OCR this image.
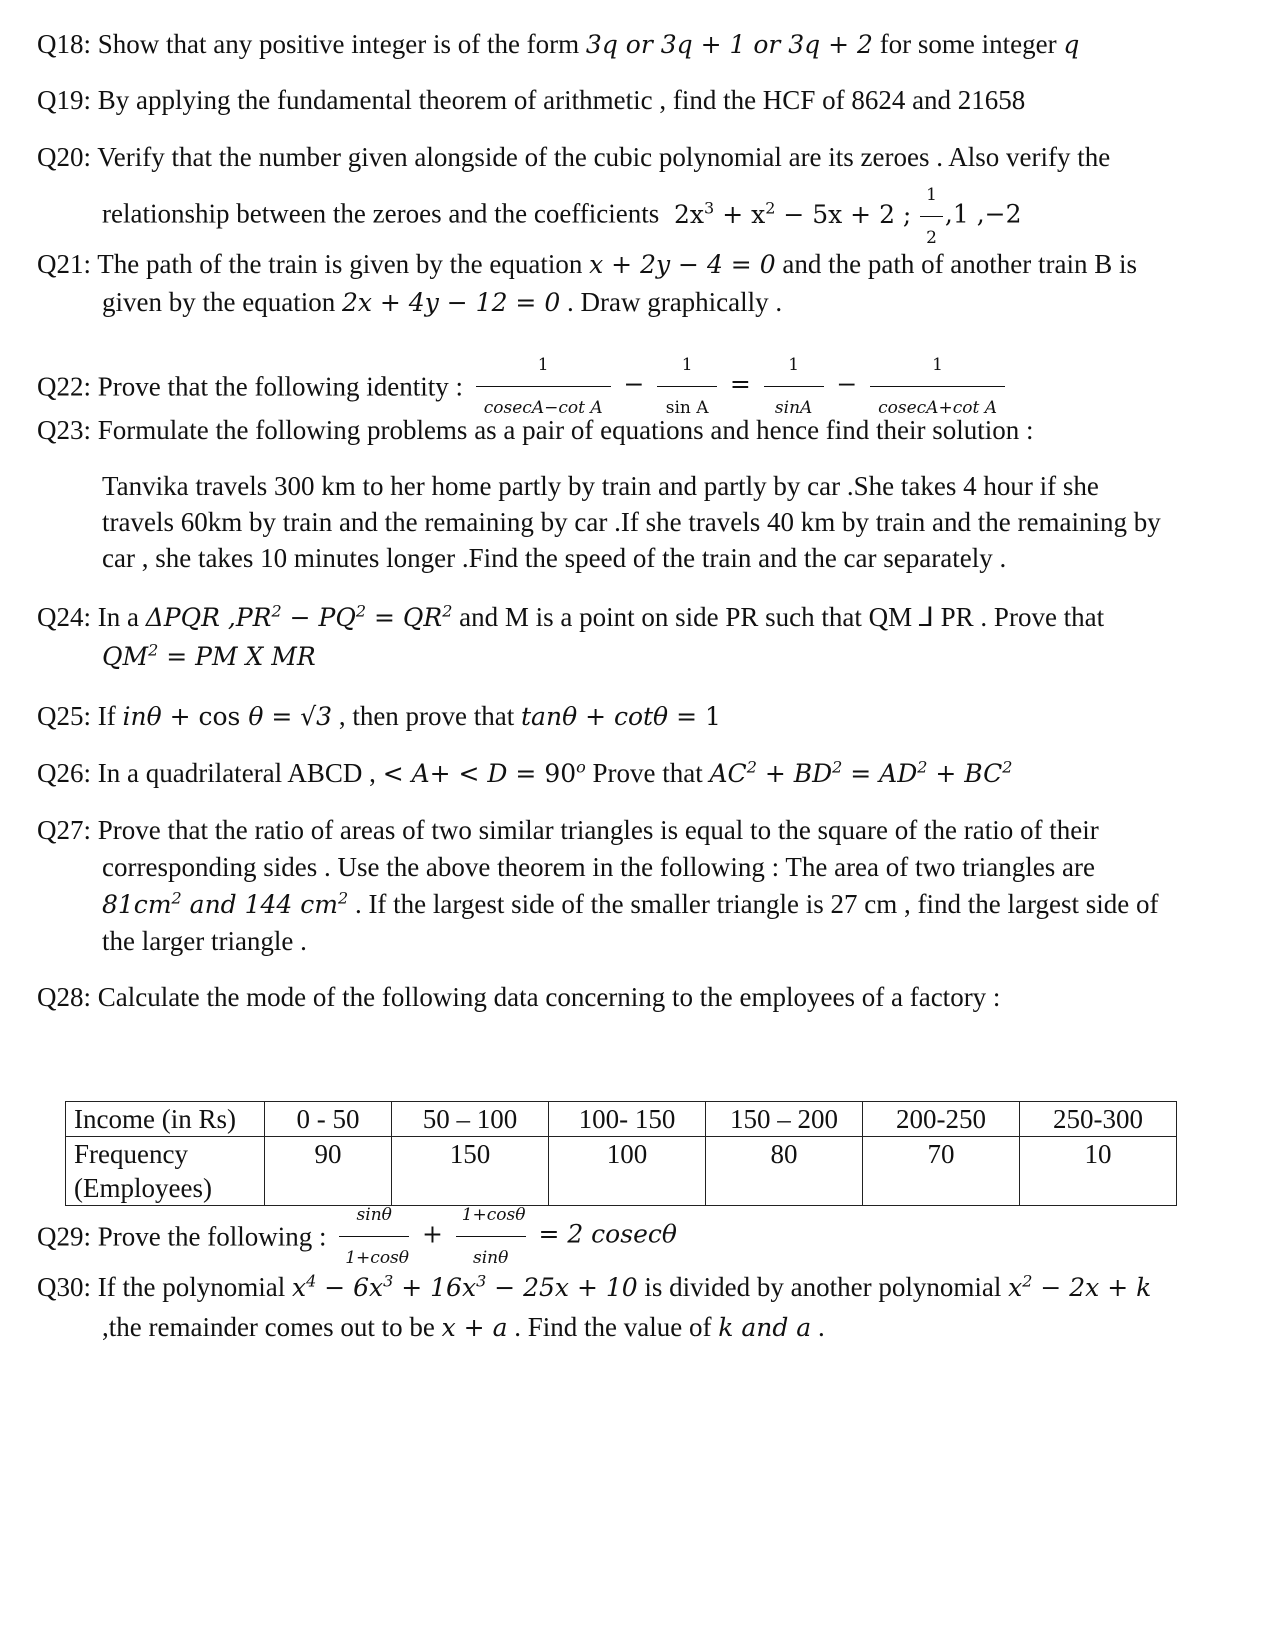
Q18: Show that any positive integer is of the form 3q or 3q + 1 or 3q + 2 for some integer q
Q19: By applying the fundamental theorem of arithmetic , find the HCF of 8624 and 21658
Q20: Verify that the number given alongside of the cubic polynomial are its zeroes . Also verify the
relationship between the zeroes and the coefficients $2x^3 + x^2 - 5x + 2$ ; $\frac{1}{2} ,1$ ,−2
Q21: The path of the train is given by the equation x + 2y − 4 = 0 and the path of another train B is
given by the equation 2x + 4y − 12 = 0 . Draw graphically .
Q22: Prove that the following identity : $\frac{1}{\text{cosecA−cot A}} - \frac{1}{\text{sin A}} = \frac{1}{\sin A} - \frac{1}{\text{cosecA+cot A}}$
Q23: Formulate the following problems as a pair of equations and hence find their solution :
Tanvika travels 300 km to her home partly by train and partly by car .She takes 4 hour if she
travels 60km by train and the remaining by car .If she travels 40 km by train and the remaining by
car , she takes 10 minutes longer .Find the speed of the train and the car separately .
Q24: In a ΔPQR $,PR^2 - PQ^2 = QR^2$ and M is a point on side PR such that QM ⅃ PR . Prove that
$QM^2$ = PM X MR
Q25: If inθ + cos θ = √3 , then prove that tanθ + cotθ = 1
Q26: In a quadrilateral ABCD , < $A+ < D = 90^o$ Prove that $AC^2 + BD^2 = AD^2 + BC^2$
Q27: Prove that the ratio of areas of two similar triangles is equal to the square of the ratio of their
corresponding sides . Use the above theorem in the following : The area of two triangles are
$81cm^2$ and 144 $cm^2$ . If the largest side of the smaller triangle is 27 cm , find the largest side of
the larger triangle .
Q28: Calculate the mode of the following data concerning to the employees of a factory :
Income (in Rs)	0 - 50	50 – 100	100- 150	150 – 200	200-250	250-300

Frequency
(Employees)	90	150	100	80	70	10
Q29: Prove the following : $\frac{\sin\theta}{1+\cos\theta} + \frac{1+\cos\theta}{\sin\theta} = 2$ cosecθ
Q30: If the polynomial $x^4 - 6x^3 + 16x^3 - 25x + 10$ is divided by another polynomial $x^2 - 2x + k$
,the remainder comes out to be x + a . Find the value of k and a .
